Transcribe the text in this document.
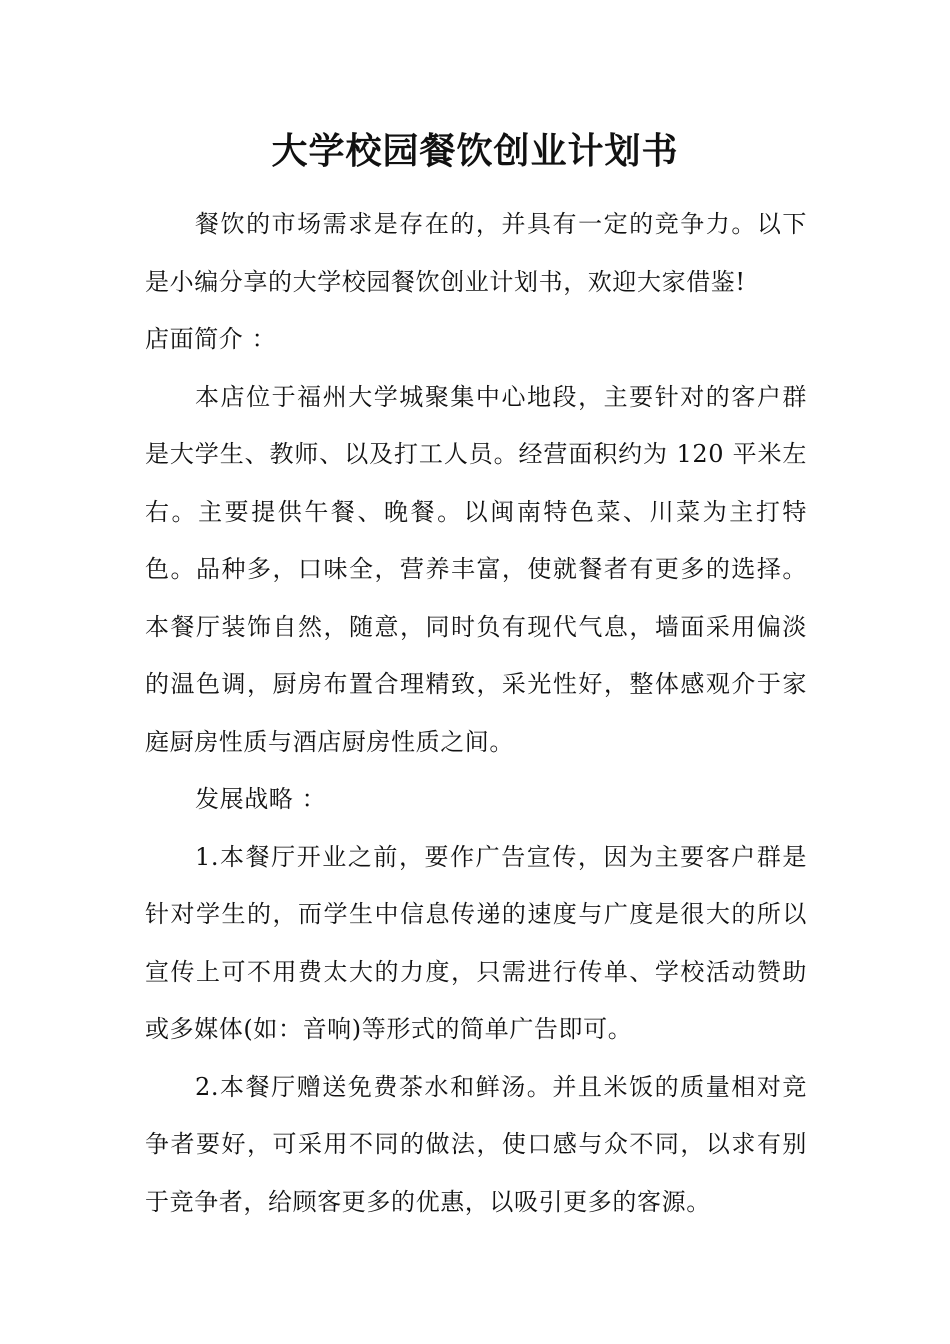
大学校园餐饮创业计划书

餐饮的市场需求是存在的，并具有一定的竞争力。以下是小编分享的大学校园餐饮创业计划书，欢迎大家借鉴!

店面简介 ：

本店位于福州大学城聚集中心地段，主要针对的客户群是大学生、教师、以及打工人员。经营面积约为 120 平米左右。主要提供午餐、晚餐。以闽南特色菜、川菜为主打特色。品种多，口味全，营养丰富，使就餐者有更多的选择。本餐厅装饰自然，随意，同时负有现代气息，墙面采用偏淡的温色调，厨房布置合理精致，采光性好，整体感观介于家庭厨房性质与酒店厨房性质之间。

发展战略 ：

1.本餐厅开业之前，要作广告宣传，因为主要客户群是针对学生的，而学生中信息传递的速度与广度是很大的所以宣传上可不用费太大的力度，只需进行传单、学校活动赞助或多媒体(如：音响)等形式的简单广告即可。

2.本餐厅赠送免费茶水和鲜汤。并且米饭的质量相对竞争者要好，可采用不同的做法，使口感与众不同，以求有别于竞争者，给顾客更多的优惠，以吸引更多的客源。
